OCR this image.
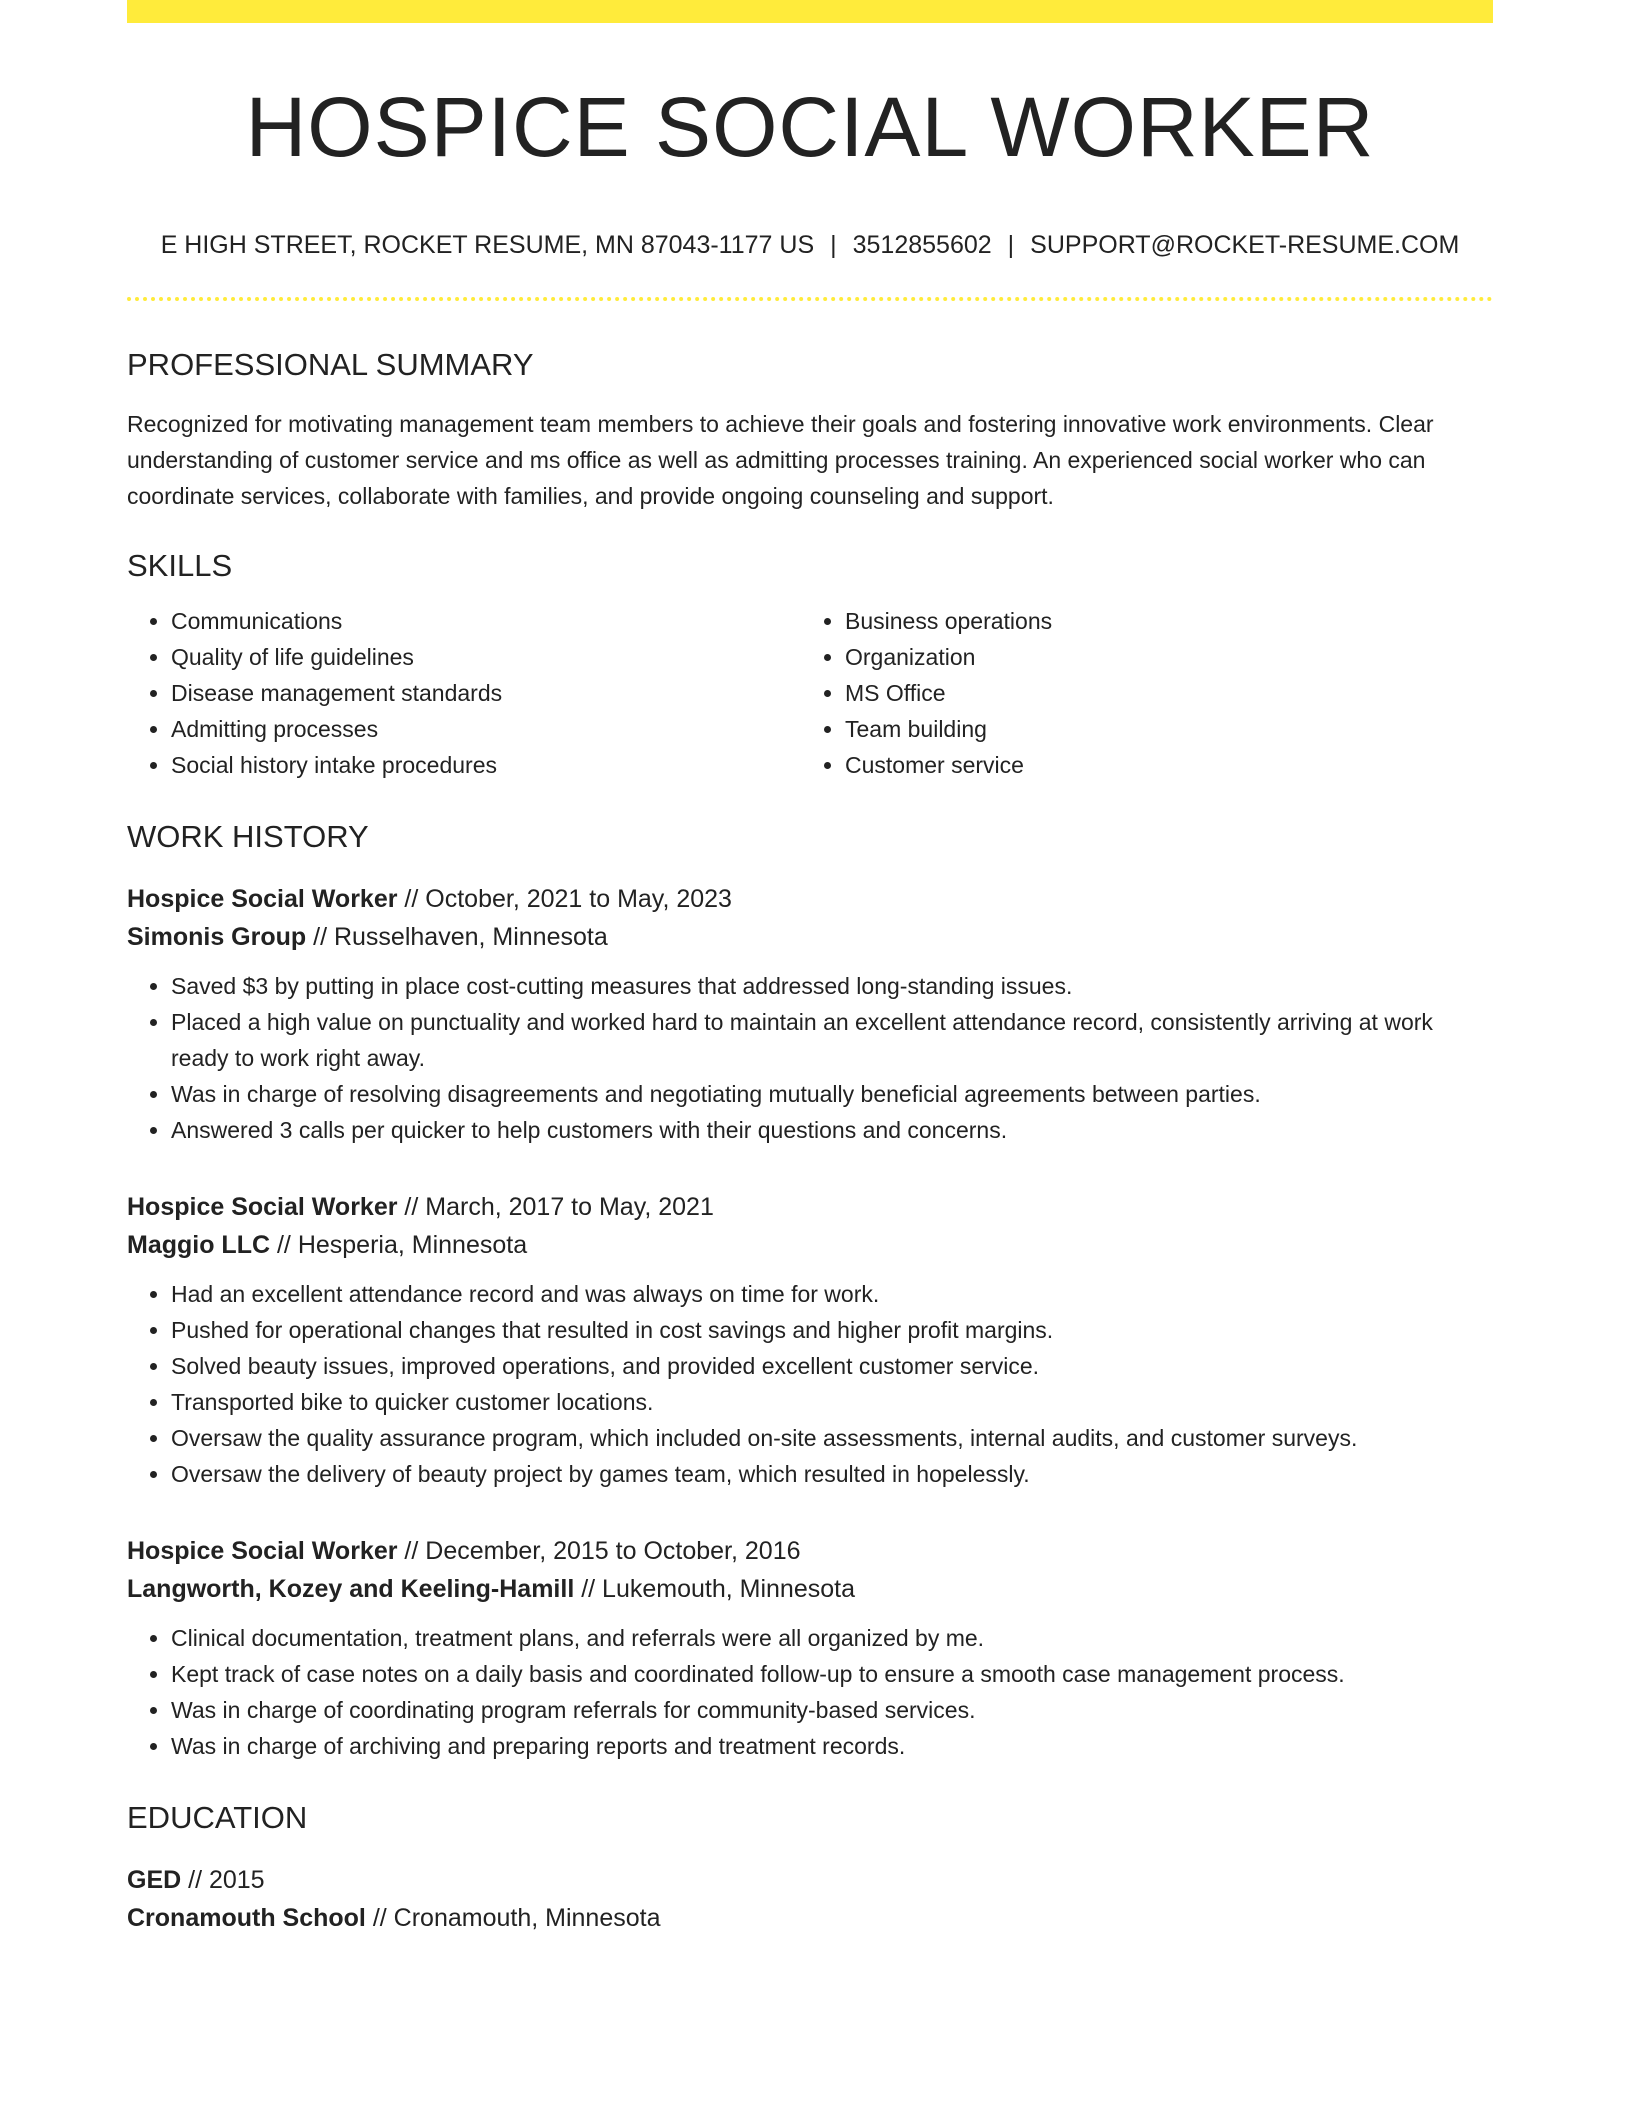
HOSPICE SOCIAL WORKER
E HIGH STREET, ROCKET RESUME, MN 87043-1177 US | 3512855602 | SUPPORT@ROCKET-RESUME.COM
PROFESSIONAL SUMMARY
Recognized for motivating management team members to achieve their goals and fostering innovative work environments. Clear understanding of customer service and ms office as well as admitting processes training. An experienced social worker who can coordinate services, collaborate with families, and provide ongoing counseling and support.
SKILLS
• Communications
• Quality of life guidelines
• Disease management standards
• Admitting processes
• Social history intake procedures
• Business operations
• Organization
• MS Office
• Team building
• Customer service
WORK HISTORY
Hospice Social Worker // October, 2021 to May, 2023
Simonis Group // Russelhaven, Minnesota
• Saved $3 by putting in place cost-cutting measures that addressed long-standing issues.
• Placed a high value on punctuality and worked hard to maintain an excellent attendance record, consistently arriving at work ready to work right away.
• Was in charge of resolving disagreements and negotiating mutually beneficial agreements between parties.
• Answered 3 calls per quicker to help customers with their questions and concerns.
Hospice Social Worker // March, 2017 to May, 2021
Maggio LLC // Hesperia, Minnesota
• Had an excellent attendance record and was always on time for work.
• Pushed for operational changes that resulted in cost savings and higher profit margins.
• Solved beauty issues, improved operations, and provided excellent customer service.
• Transported bike to quicker customer locations.
• Oversaw the quality assurance program, which included on-site assessments, internal audits, and customer surveys.
• Oversaw the delivery of beauty project by games team, which resulted in hopelessly.
Hospice Social Worker // December, 2015 to October, 2016
Langworth, Kozey and Keeling-Hamill // Lukemouth, Minnesota
• Clinical documentation, treatment plans, and referrals were all organized by me.
• Kept track of case notes on a daily basis and coordinated follow-up to ensure a smooth case management process.
• Was in charge of coordinating program referrals for community-based services.
• Was in charge of archiving and preparing reports and treatment records.
EDUCATION
GED // 2015
Cronamouth School // Cronamouth, Minnesota
